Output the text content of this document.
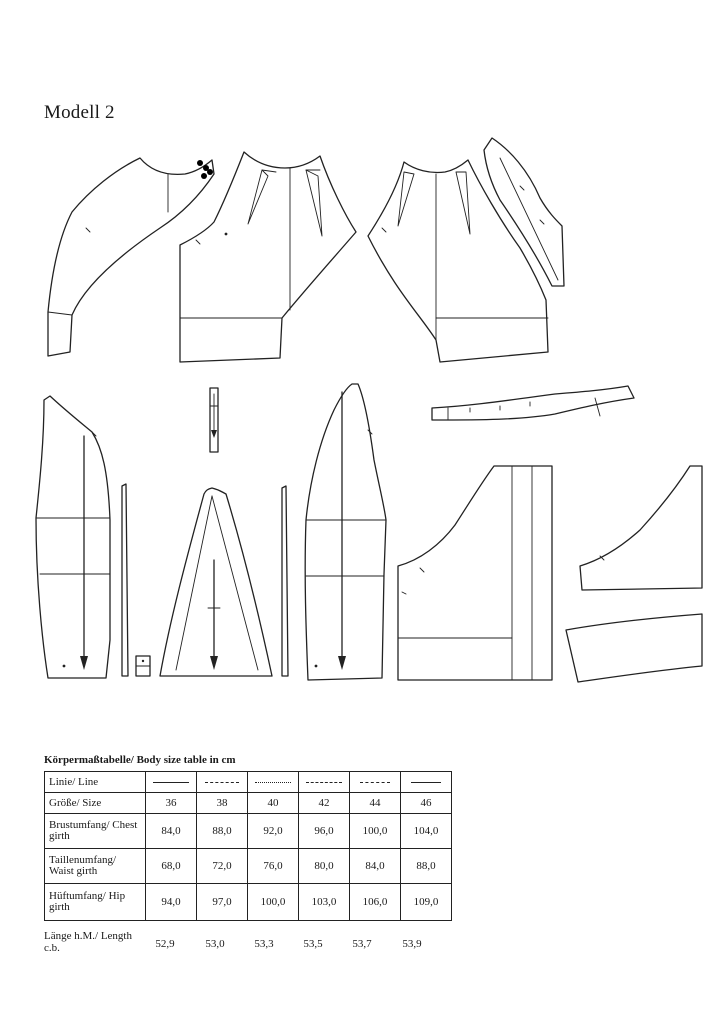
Modell 2
Körpermaßtabelle/ Body size table in cm
Linie/ Line	

Größe/ Size	36	38	40	42	44	46
Brustumfang/ Chest girth	84,0	88,0	92,0	96,0	100,0	104,0
Taillenumfang/ Waist girth	68,0	72,0	76,0	80,0	84,0	88,0
Hüftumfang/ Hip girth	94,0	97,0	100,0	103,0	106,0	109,0
Länge h.M./ Length c.b.	52,9	53,0	53,3	53,5	53,7	53,9
